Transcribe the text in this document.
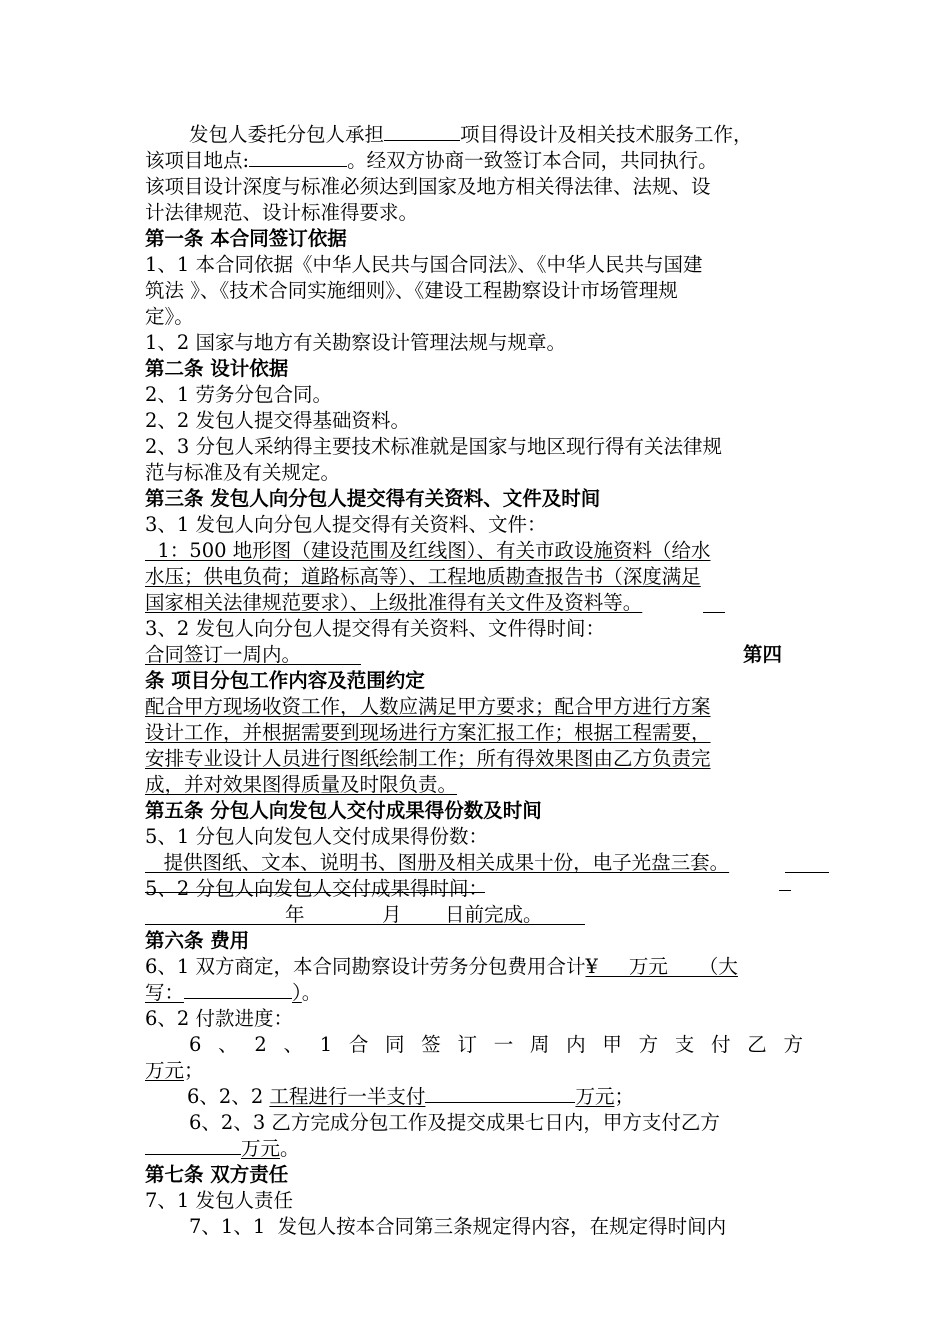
发包人委托分包人承担	项目得设计及相关技术服务工作，
该项目地点:	。经双方协商一致签订本合同，共同执行。
该项目设计深度与标准必须达到国家及地方相关得法律、法规、设
计法律规范、设计标准得要求。
第一条 本合同签订依据
1、1 本合同依据《中华人民共与国合同法》、《中华人民共与国建
筑法 》、《技术合同实施细则》、《建设工程勘察设计市场管理规
定》。
1、2 国家与地方有关勘察设计管理法规与规章。
第二条 设计依据
2、1 劳务分包合同。
2、2 发包人提交得基础资料。
2、3 分包人采纳得主要技术标准就是国家与地区现行得有关法律规
范与标准及有关规定。
第三条 发包人向分包人提交得有关资料、文件及时间
3、1 发包人向分包人提交得有关资料、文件：
1：500 地形图（建设范围及红线图）、有关市政设施资料（给水
水压；供电负荷；道路标高等）、工程地质勘查报告书（深度满足
国家相关法律规范要求）、上级批准得有关文件及资料等。
3、2 发包人向分包人提交得有关资料、文件得时间：
合同签订一周内。	第四
条 项目分包工作内容及范围约定
配合甲方现场收资工作，人数应满足甲方要求；配合甲方进行方案
设计工作，并根据需要到现场进行方案汇报工作；根据工程需要，
安排专业设计人员进行图纸绘制工作；所有得效果图由乙方负责完
成，并对效果图得质量及时限负责。
第五条 分包人向发包人交付成果得份数及时间
5、1 分包人向发包人交付成果得份数：
提供图纸、文本、说明书、图册及相关成果十份，电子光盘三套。
5、2 分包人向发包人交付成果得时间：
年	月 日前完成。
第六条 费用
6、1 双方商定，本合同勘察设计劳务分包费用合计¥     万元     （大
写：	）。
6、2 付款进度：
6 、 2 、 1 合 同 签 订 一 周 内 甲 方 支 付 乙 方
万元；
6、2、2 工程进行一半支付	万元；
6、2、3 乙方完成分包工作及提交成果七日内，甲方支付乙方
万元。
第七条 双方责任
7、1 发包人责任
7、1、1  发包人按本合同第三条规定得内容，在规定得时间内
